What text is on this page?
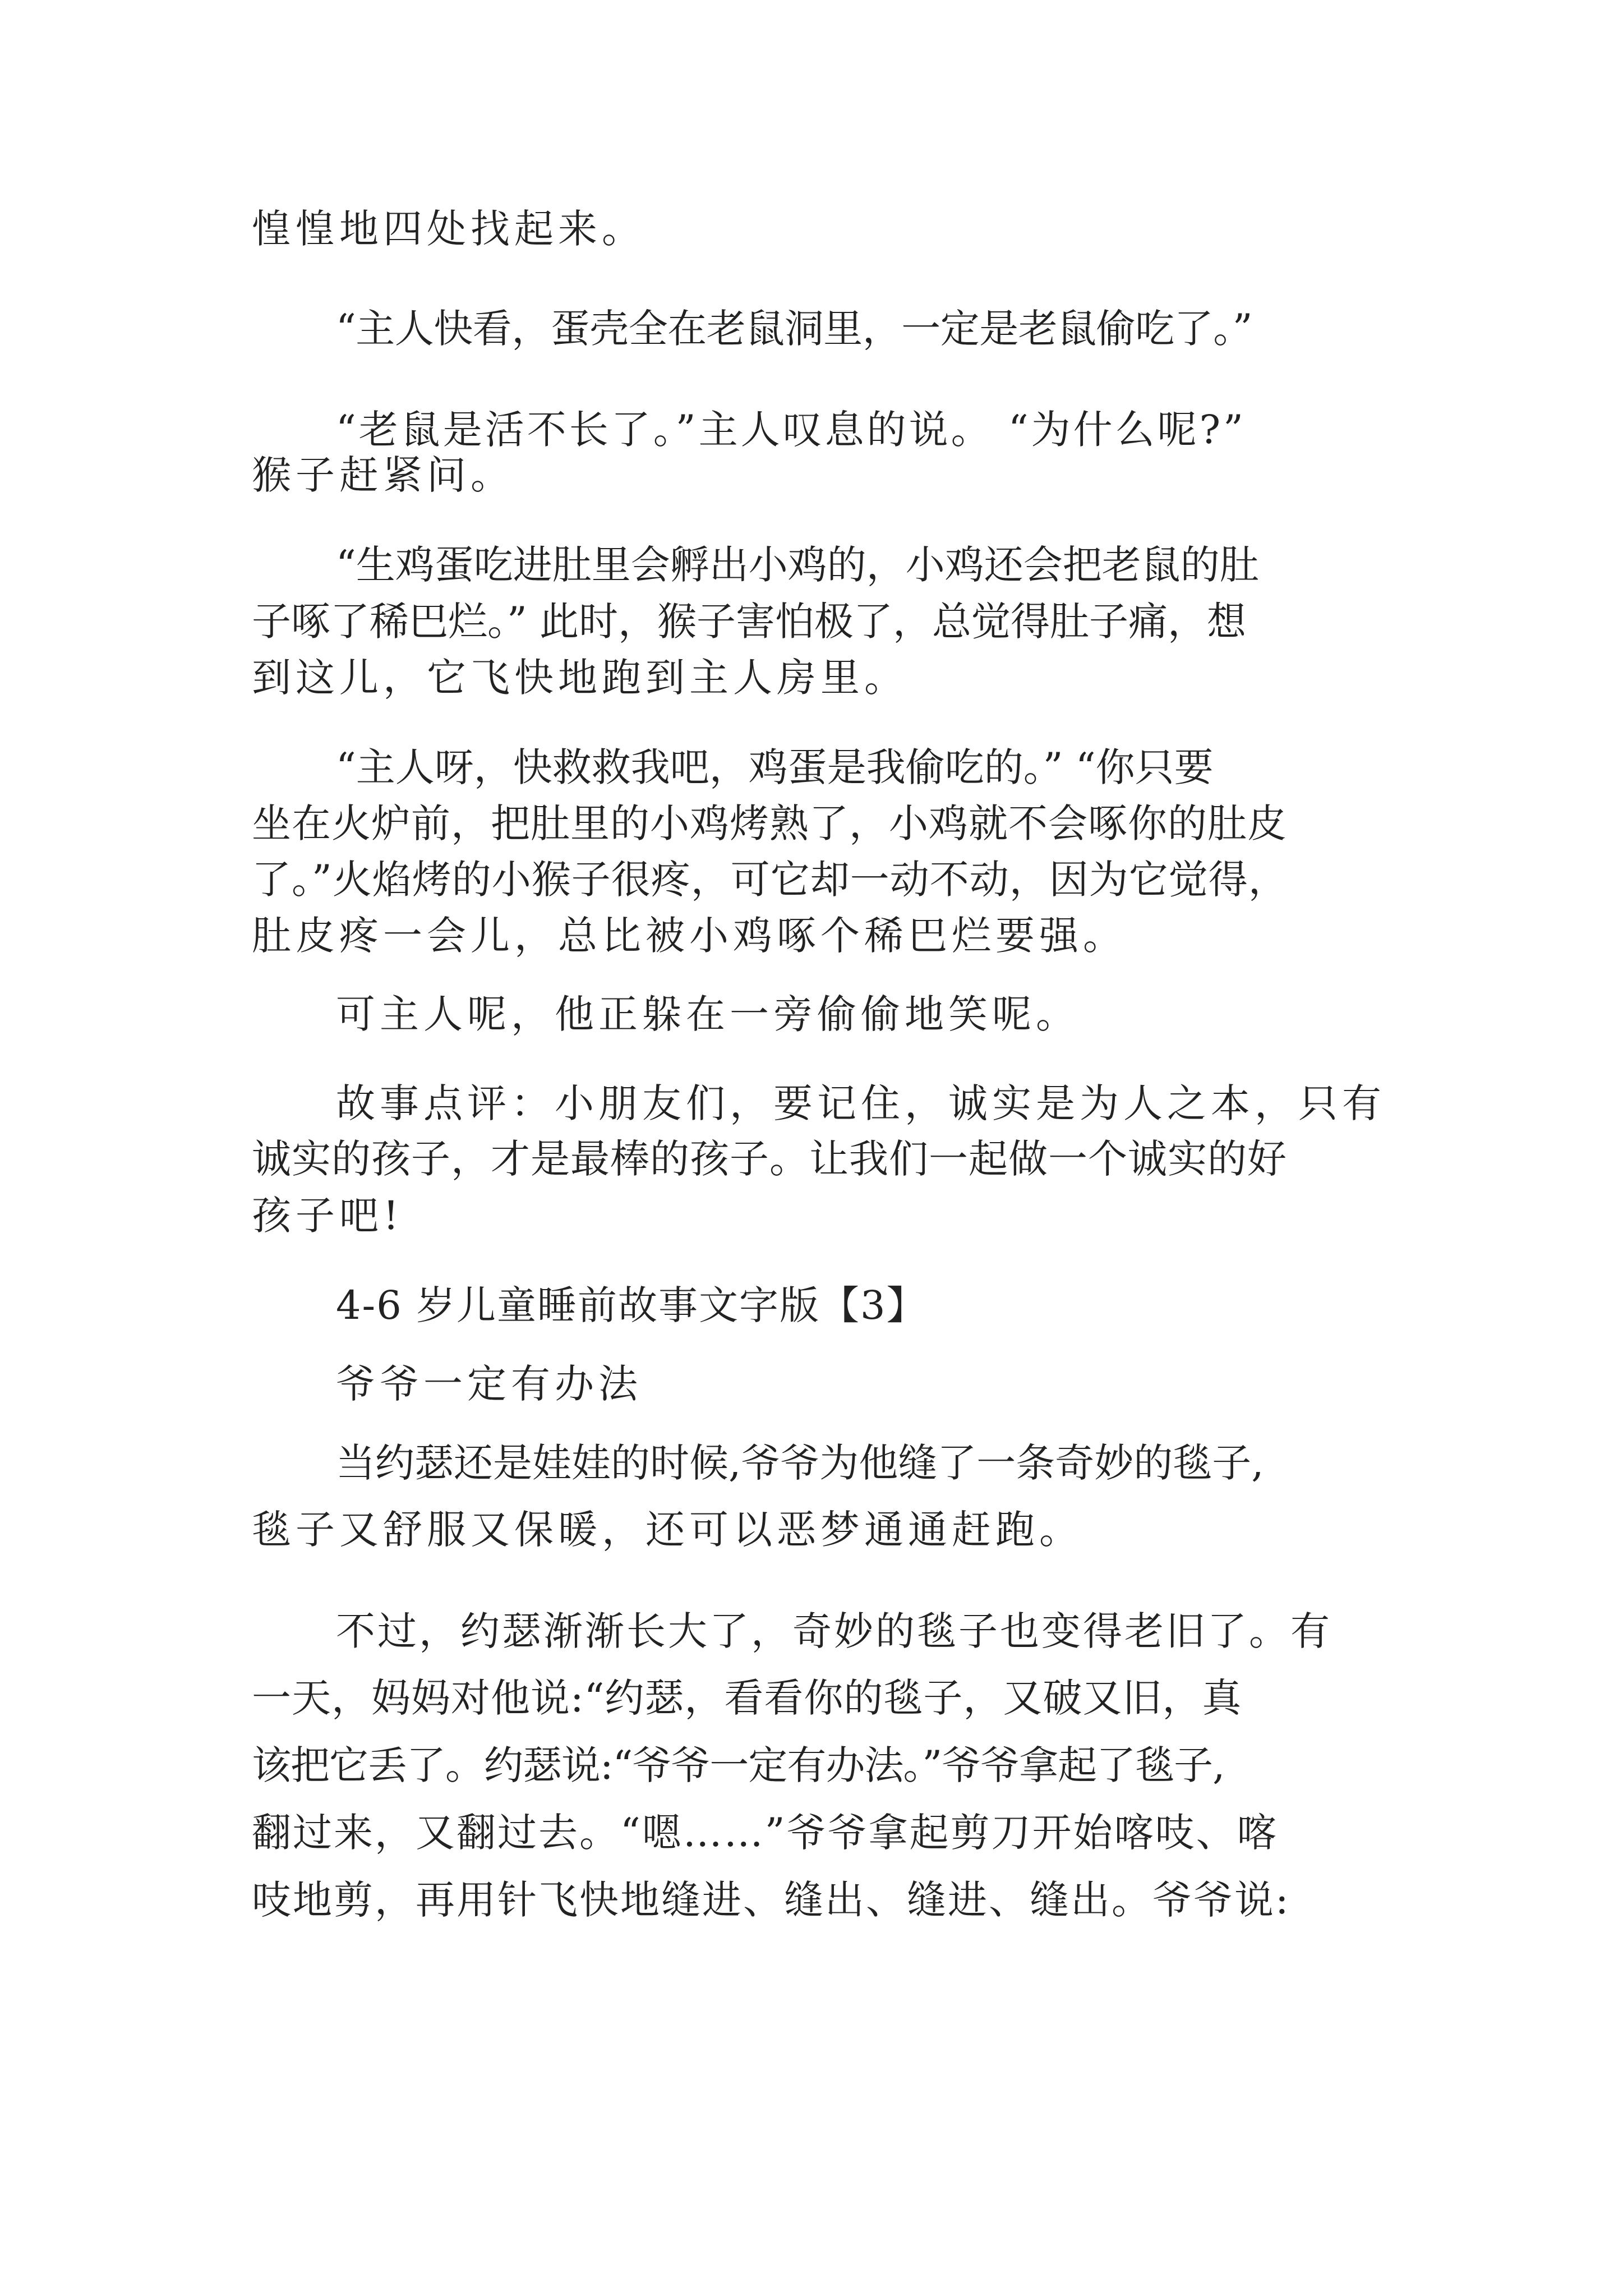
惶惶地四处找起来。
“主人快看，蛋壳全在老鼠洞里，一定是老鼠偷吃了。”
“老鼠是活不长了。”主人叹息的说。 “为什么呢?”
猴子赶紧问。
“生鸡蛋吃进肚里会孵出小鸡的，小鸡还会把老鼠的肚
子啄了稀巴烂。” 此时，猴子害怕极了，总觉得肚子痛，想
到这儿，它飞快地跑到主人房里。
“主人呀，快救救我吧，鸡蛋是我偷吃的。” “你只要
坐在火炉前，把肚里的小鸡烤熟了，小鸡就不会啄你的肚皮
了。”火焰烤的小猴子很疼，可它却一动不动，因为它觉得，
肚皮疼一会儿，总比被小鸡啄个稀巴烂要强。
可主人呢，他正躲在一旁偷偷地笑呢。
故事点评：小朋友们，要记住，诚实是为人之本，只有
诚实的孩子，才是最棒的孩子。让我们一起做一个诚实的好
孩子吧!
4-6 岁儿童睡前故事文字版【3】
爷爷一定有办法
当约瑟还是娃娃的时候,爷爷为他缝了一条奇妙的毯子,
毯子又舒服又保暖，还可以恶梦通通赶跑。
不过，约瑟渐渐长大了，奇妙的毯子也变得老旧了。有
一天，妈妈对他说:“约瑟，看看你的毯子，又破又旧，真
该把它丢了。约瑟说:“爷爷一定有办法。”爷爷拿起了毯子,
翻过来，又翻过去。“嗯……”爷爷拿起剪刀开始喀吱、喀
吱地剪，再用针飞快地缝进、缝出、缝进、缝出。爷爷说:
